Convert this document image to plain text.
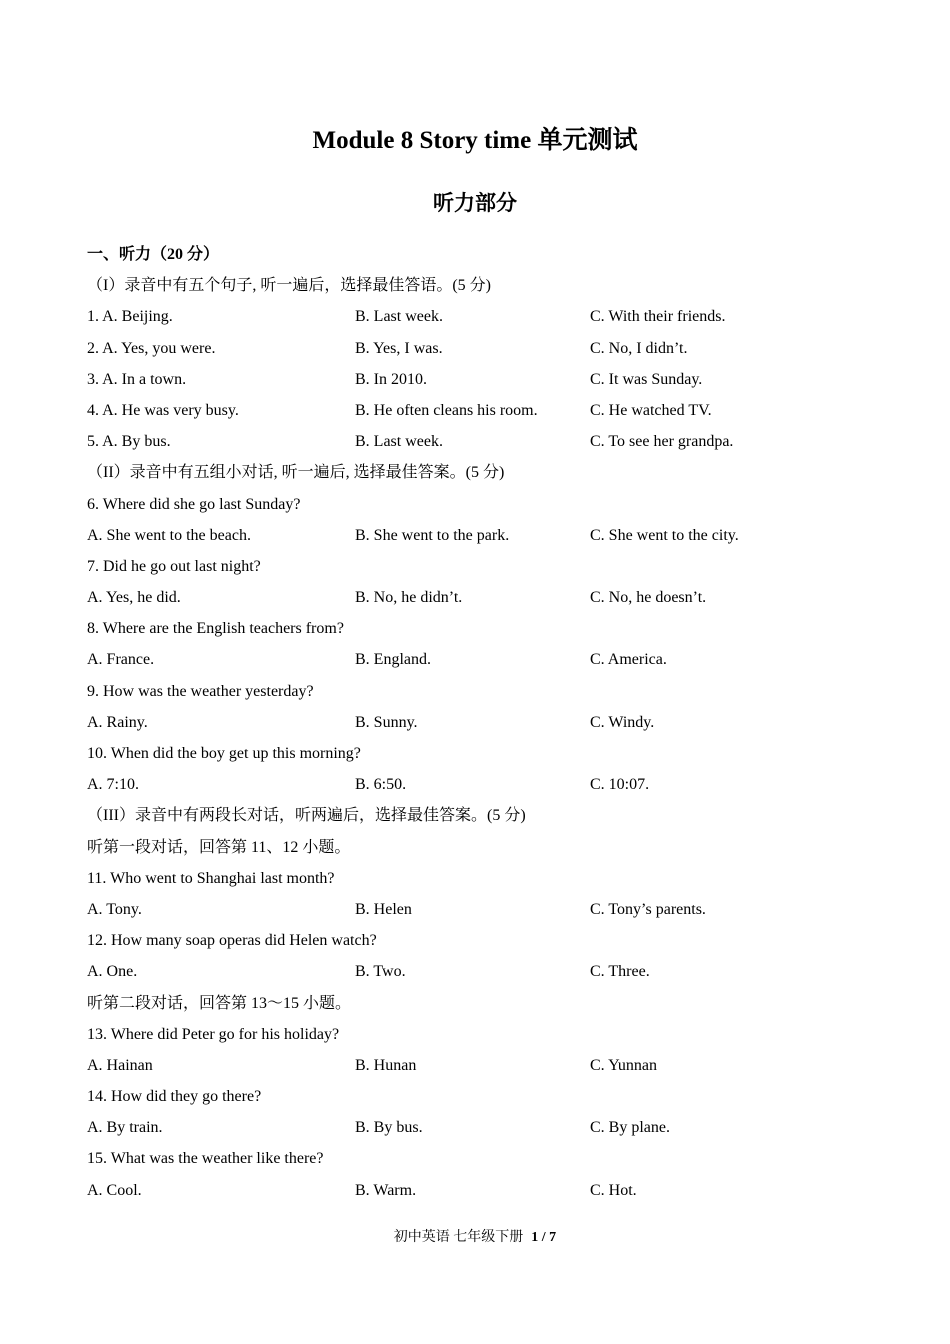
Module 8 Story time 单元测试
听力部分
一、听力（20 分）
（I）录音中有五个句子, 听一遍后，选择最佳答语。(5 分)
1. A. Beijing.	B. Last week.	C. With their friends.
2. A. Yes, you were.	B. Yes, I was.	C. No, I didn’t.
3. A. In a town.	B. In 2010.	C. It was Sunday.
4. A. He was very busy.	B. He often cleans his room.	C. He watched TV.
5. A. By bus.	B. Last week.	C. To see her grandpa.
（II）录音中有五组小对话, 听一遍后, 选择最佳答案。(5 分)
6. Where did she go last Sunday?
A. She went to the beach.	B. She went to the park.	C. She went to the city.
7. Did he go out last night?
A. Yes, he did.	B. No, he didn’t.	C. No, he doesn’t.
8. Where are the English teachers from?
A. France.	B. England.	C. America.
9. How was the weather yesterday?
A. Rainy.	B. Sunny.	C. Windy.
10. When did the boy get up this morning?
A. 7:10.	B. 6:50.	C. 10:07.
（III）录音中有两段长对话，听两遍后，选择最佳答案。(5 分)
听第一段对话，回答第 11、12 小题。
11. Who went to Shanghai last month?
A. Tony.	B. Helen	C. Tony’s parents.
12. How many soap operas did Helen watch?
A. One.	B. Two.	C. Three.
听第二段对话，回答第 13～15 小题。
13. Where did Peter go for his holiday?
A. Hainan	B. Hunan	C. Yunnan
14. How did they go there?
A. By train.	B. By bus.	C. By plane.
15. What was the weather like there?
A. Cool.	B. Warm.	C. Hot.
初中英语 七年级下册 1 / 7
